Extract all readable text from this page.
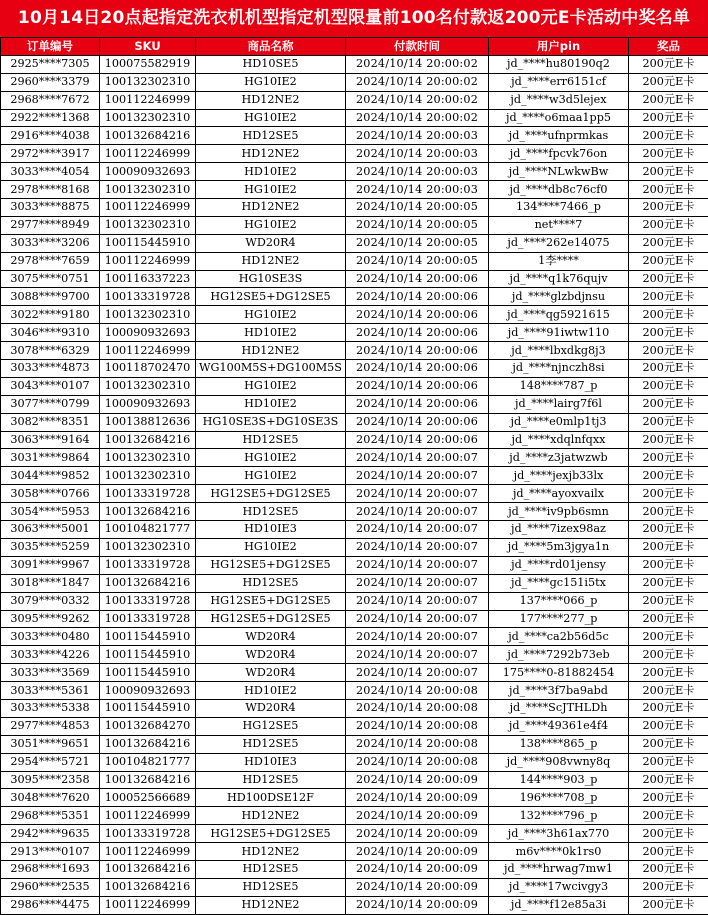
10月14日20点起指定洗衣机机型指定机型限量前100名付款返200元E卡活动中奖名单
订单编号	SKU	商品名称	付款时间	用户pin	奖品
2925****7305	100075582919	HD10SE5	2024/10/14 20:00:02	jd_****hu80190q2	200元E卡
2960****3379	100132302310	HG10IE2	2024/10/14 20:00:02	jd_****err6151cf	200元E卡
2968****7672	100112246999	HD12NE2	2024/10/14 20:00:02	jd_****w3d5lejex	200元E卡
2922****1368	100132302310	HG10IE2	2024/10/14 20:00:02	jd_****o6maa1pp5	200元E卡
2916****4038	100132684216	HD12SE5	2024/10/14 20:00:03	jd_****ufnprmkas	200元E卡
2972****3917	100112246999	HD12NE2	2024/10/14 20:00:03	jd_****fpcvk76on	200元E卡
3033****4054	100090932693	HD10IE2	2024/10/14 20:00:03	jd_****NLwkwBw	200元E卡
2978****8168	100132302310	HG10IE2	2024/10/14 20:00:03	jd_****db8c76cf0	200元E卡
3033****8875	100112246999	HD12NE2	2024/10/14 20:00:05	134****7466_p	200元E卡
2977****8949	100132302310	HG10IE2	2024/10/14 20:00:05	net****7	200元E卡
3033****3206	100115445910	WD20R4	2024/10/14 20:00:05	jd_****262e14075	200元E卡
2978****7659	100112246999	HD12NE2	2024/10/14 20:00:05	1李****	200元E卡
3075****0751	100116337223	HG10SE3S	2024/10/14 20:00:06	jd_****q1k76qujv	200元E卡
3088****9700	100133319728	HG12SE5+DG12SE5	2024/10/14 20:00:06	jd_****glzbdjnsu	200元E卡
3022****9180	100132302310	HG10IE2	2024/10/14 20:00:06	jd_****qg5921615	200元E卡
3046****9310	100090932693	HD10IE2	2024/10/14 20:00:06	jd_****91iwtw110	200元E卡
3078****6329	100112246999	HD12NE2	2024/10/14 20:00:06	jd_****lbxdkg8j3	200元E卡
3033****4873	100118702470	WG100M5S+DG100M5S	2024/10/14 20:00:06	jd_****njnczh8si	200元E卡
3043****0107	100132302310	HG10IE2	2024/10/14 20:00:06	148****787_p	200元E卡
3077****0799	100090932693	HD10IE2	2024/10/14 20:00:06	jd_****lairg7f6l	200元E卡
3082****8351	100138812636	HG10SE3S+DG10SE3S	2024/10/14 20:00:06	jd_****e0mlp1tj3	200元E卡
3063****9164	100132684216	HD12SE5	2024/10/14 20:00:06	jd_****xdqlnfqxx	200元E卡
3031****9864	100132302310	HG10IE2	2024/10/14 20:00:07	jd_****z3jatwzwb	200元E卡
3044****9852	100132302310	HG10IE2	2024/10/14 20:00:07	jd_****jexjb33lx	200元E卡
3058****0766	100133319728	HG12SE5+DG12SE5	2024/10/14 20:00:07	jd_****ayoxvailx	200元E卡
3054****5953	100132684216	HD12SE5	2024/10/14 20:00:07	jd_****iv9pb6smn	200元E卡
3063****5001	100104821777	HD10IE3	2024/10/14 20:00:07	jd_****7izex98az	200元E卡
3035****5259	100132302310	HG10IE2	2024/10/14 20:00:07	jd_****5m3jgya1n	200元E卡
3091****9967	100133319728	HG12SE5+DG12SE5	2024/10/14 20:00:07	jd_****rd01jensy	200元E卡
3018****1847	100132684216	HD12SE5	2024/10/14 20:00:07	jd_****gc151i5tx	200元E卡
3079****0332	100133319728	HG12SE5+DG12SE5	2024/10/14 20:00:07	137****066_p	200元E卡
3095****9262	100133319728	HG12SE5+DG12SE5	2024/10/14 20:00:07	177****277_p	200元E卡
3033****0480	100115445910	WD20R4	2024/10/14 20:00:07	jd_****ca2b56d5c	200元E卡
3033****4226	100115445910	WD20R4	2024/10/14 20:00:07	jd_****7292b73eb	200元E卡
3033****3569	100115445910	WD20R4	2024/10/14 20:00:07	175****0-81882454	200元E卡
3033****5361	100090932693	HD10IE2	2024/10/14 20:00:08	jd_****3f7ba9abd	200元E卡
3033****5338	100115445910	WD20R4	2024/10/14 20:00:08	jd_****ScJTHLDh	200元E卡
2977****4853	100132684270	HG12SE5	2024/10/14 20:00:08	jd_****49361e4f4	200元E卡
3051****9651	100132684216	HD12SE5	2024/10/14 20:00:08	138****865_p	200元E卡
2954****5721	100104821777	HD10IE3	2024/10/14 20:00:08	jd_****908vwny8q	200元E卡
3095****2358	100132684216	HD12SE5	2024/10/14 20:00:09	144****903_p	200元E卡
3048****7620	100052566689	HD100DSE12F	2024/10/14 20:00:09	196****708_p	200元E卡
2968****5351	100112246999	HD12NE2	2024/10/14 20:00:09	132****796_p	200元E卡
2942****9635	100133319728	HG12SE5+DG12SE5	2024/10/14 20:00:09	jd_****3h61ax770	200元E卡
2913****0107	100112246999	HD12NE2	2024/10/14 20:00:09	m6v****0k1rs0	200元E卡
2968****1693	100132684216	HD12SE5	2024/10/14 20:00:09	jd_****hrwag7mw1	200元E卡
2960****2535	100132684216	HD12SE5	2024/10/14 20:00:09	jd_****17wcivgy3	200元E卡
2986****4475	100112246999	HD12NE2	2024/10/14 20:00:09	jd_****f12e85a3i	200元E卡
